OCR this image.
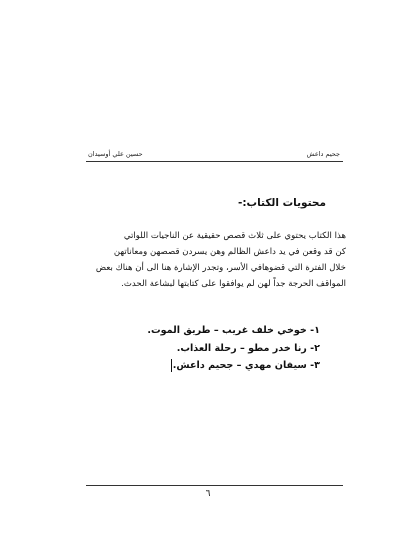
حسين علي أوسيدان	جحيم داعش
محتويات الكتاب:-
هذا الكتاب يحتوي على ثلاث قصص حقيقية عن الناجيات اللواتي
كن قد وقعن في يد داعش الظالم وهن يسردن قصصهن ومعاناتهن
خلال الفترة التي قضوهافي الأسر، وتجدر الإشارة هنا الى أن هناك بعض
المواقف الحرجة جداً لهن لم يوافقوا على كتابتها لبشاعة الحدث.
١- خوخي خلف غريب – طريق الموت.
٢- رنا خدر مطو – رحلة العذاب.
٣- سيفان مهدي – جحيم داعش.
٦
